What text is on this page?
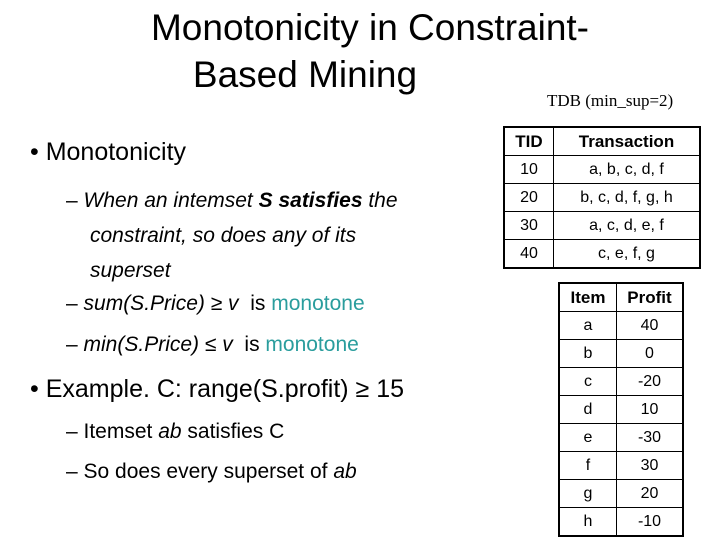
Monotonicity in Constraint-
Based Mining
TDB (min_sup=2)
• Monotonicity
– When an intemset S satisfies the
constraint, so does any of its
superset
– sum(S.Price) ≥ v  is monotone
– min(S.Price) ≤ v  is monotone
• Example. C: range(S.profit) ≥ 15
– Itemset ab satisfies C
– So does every superset of ab
TID	Transaction
10	a, b, c, d, f
20	b, c, d, f, g, h
30	a, c, d, e, f
40	c, e, f, g
Item	Profit
a	40
b	0
c	-20
d	10
e	-30
f	30
g	20
h	-10
